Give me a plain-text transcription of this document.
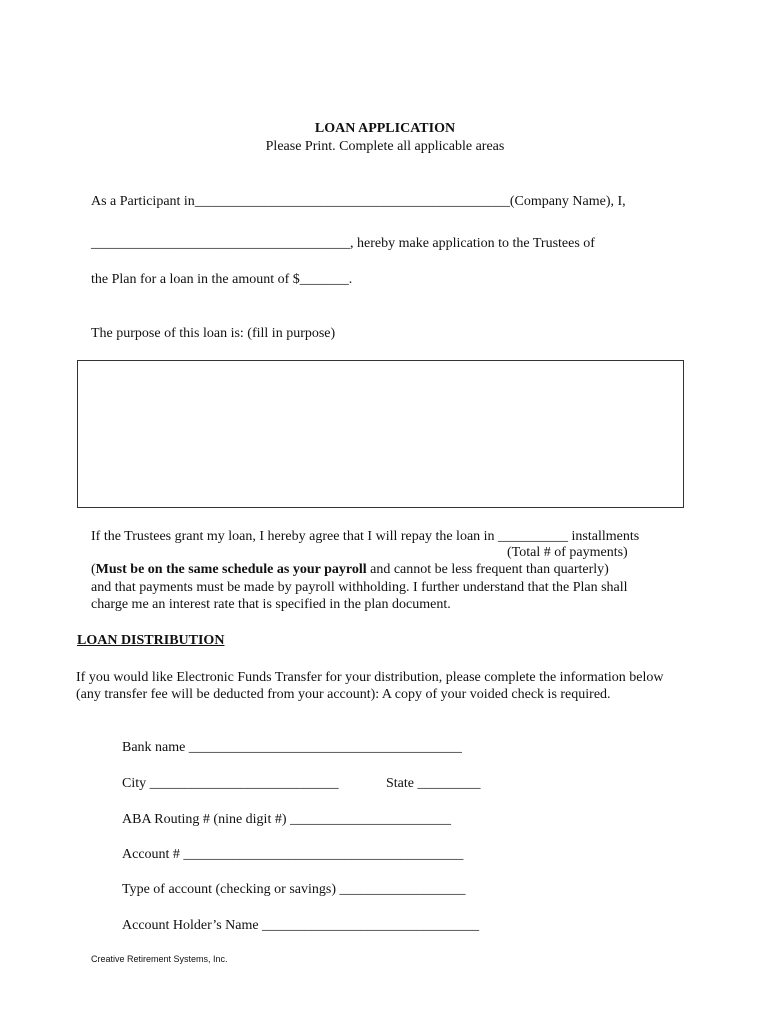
LOAN APPLICATION
Please Print. Complete all applicable areas
As a Participant in_____________________________________________(Company Name), I,
_____________________________________, hereby make application to the Trustees of
the Plan for a loan in the amount of $_______.
The purpose of this loan is: (fill in purpose)
If the Trustees grant my loan, I hereby agree that I will repay the loan in __________ installments
(Total # of payments)
(Must be on the same schedule as your payroll and cannot be less frequent than quarterly)
and that payments must be made by payroll withholding. I further understand that the Plan shall
charge me an interest rate that is specified in the plan document.
LOAN DISTRIBUTION
If you would like Electronic Funds Transfer for your distribution, please complete the information below (any transfer fee will be deducted from your account): A copy of your voided check is required.
Bank name _______________________________________
City ___________________________	State _________
ABA Routing # (nine digit #) _______________________
Account # ________________________________________
Type of account (checking or savings) __________________
Account Holder’s Name _______________________________
Creative Retirement Systems, Inc.
